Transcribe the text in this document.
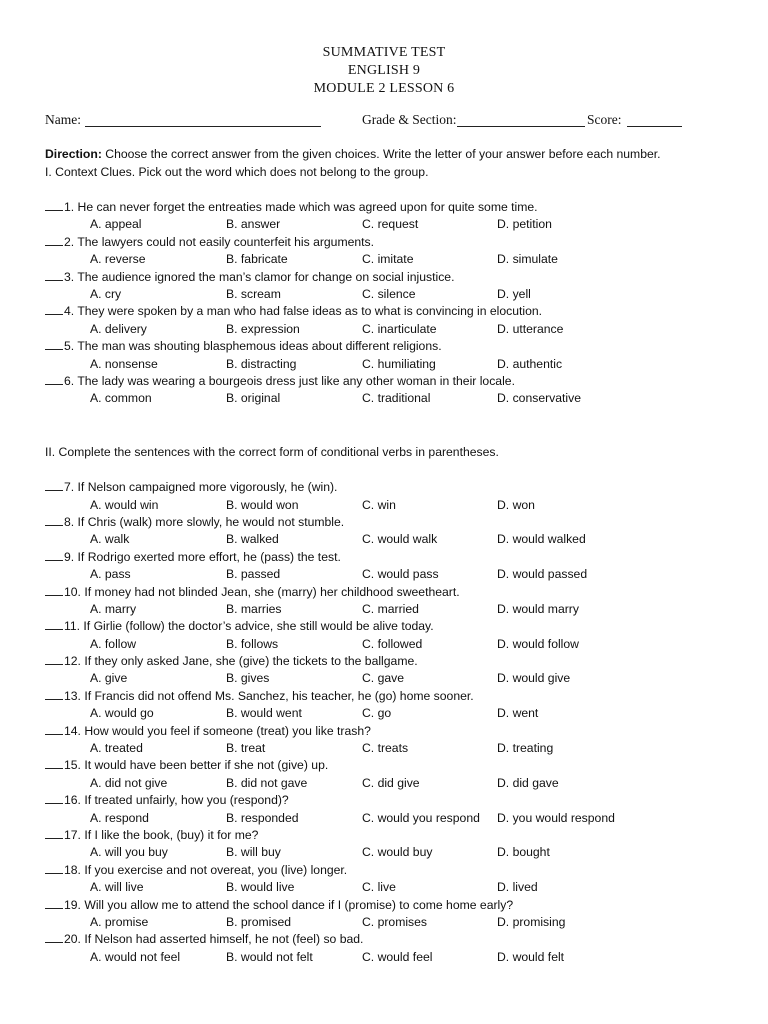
SUMMATIVE TEST
ENGLISH 9
MODULE 2 LESSON 6
Name:	Grade & Section:	Score:
Direction: Choose the correct answer from the given choices. Write the letter of your answer before each number.
I. Context Clues. Pick out the word which does not belong to the group.
1. He can never forget the entreaties made which was agreed upon for quite some time.
A. appeal	B. answer	C. request	D. petition
2. The lawyers could not easily counterfeit his arguments.
A. reverse	B. fabricate	C. imitate	D. simulate
3. The audience ignored the man’s clamor for change on social injustice.
A. cry	B. scream	C. silence	D. yell
4. They were spoken by a man who had false ideas as to what is convincing in elocution.
A. delivery	B. expression	C. inarticulate	D. utterance
5. The man was shouting blasphemous ideas about different religions.
A. nonsense	B. distracting	C. humiliating	D. authentic
6. The lady was wearing a bourgeois dress just like any other woman in their locale.
A. common	B. original	C. traditional	D. conservative
II. Complete the sentences with the correct form of conditional verbs in parentheses.
7. If Nelson campaigned more vigorously, he (win).
A. would win	B. would won	C. win	D. won
8. If Chris (walk) more slowly, he would not stumble.
A. walk	B. walked	C. would walk	D. would walked
9. If Rodrigo exerted more effort, he (pass) the test.
A. pass	B. passed	C. would pass	D. would passed
10. If money had not blinded Jean, she (marry) her childhood sweetheart.
A. marry	B. marries	C. married	D. would marry
11. If Girlie (follow) the doctor’s advice, she still would be alive today.
A. follow	B. follows	C. followed	D. would follow
12. If they only asked Jane, she (give) the tickets to the ballgame.
A. give	B. gives	C. gave	D. would give
13. If Francis did not offend Ms. Sanchez, his teacher, he (go) home sooner.
A. would go	B. would went	C. go	D. went
14. How would you feel if someone (treat) you like trash?
A. treated	B. treat	C. treats	D. treating
15. It would have been better if she not (give) up.
A. did not give	B. did not gave	C. did give	D. did gave
16. If treated unfairly, how you (respond)?
A. respond	B. responded	C. would you respond D. you would respond
17. If I like the book, (buy) it for me?
A. will you buy	B. will buy	C. would buy	D. bought
18. If you exercise and not overeat, you (live) longer.
A. will live	B. would live	C. live	D. lived
19. Will you allow me to attend the school dance if I (promise) to come home early?
A. promise	B. promised	C. promises	D. promising
20. If Nelson had asserted himself, he not (feel) so bad.
A. would not feel	B. would not felt	C. would feel	D. would felt
